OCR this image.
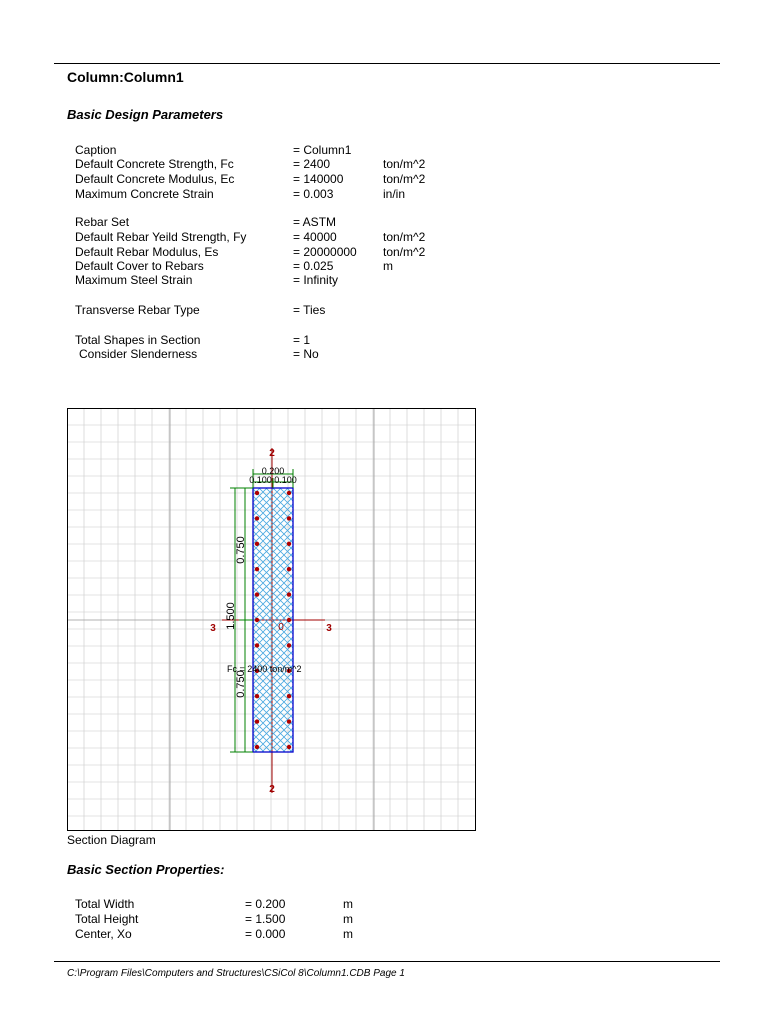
Column:Column1
Basic Design Parameters
Caption	= Column1
Default Concrete Strength, Fc	= 2400	ton/m^2
Default Concrete Modulus, Ec	= 140000	ton/m^2
Maximum Concrete Strain	= 0.003	in/in
Rebar Set	= ASTM
Default Rebar Yeild Strength, Fy	= 40000	ton/m^2
Default Rebar Modulus, Es	= 20000000 ton/m^2
Default Cover to Rebars	= 0.025	m
Maximum Steel Strain	= Infinity
Transverse Rebar Type	= Ties
Total Shapes in Section	= 1
Consider Slenderness	= No
0.200
0.100 0.100
0.750
0.750
1.500
2
2
3	3
0
Fc = 2400 ton/m^2
Section Diagram
Basic Section Properties:
Total Width	= 0.200	m
Total Height	= 1.500	m
Center, Xo	= 0.000	m
C:\Program Files\Computers and Structures\CSiCol 8\Column1.CDB Page 1
